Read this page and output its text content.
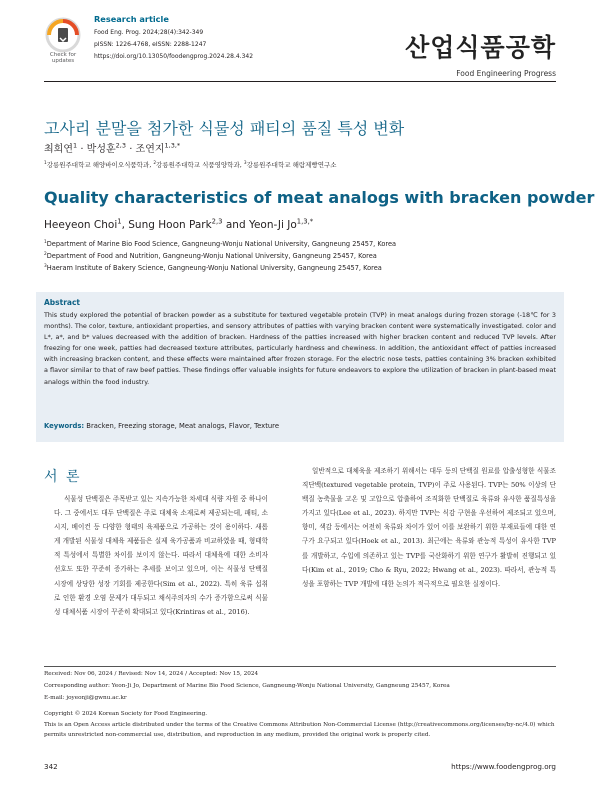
Check for updates
Research article
Food Eng. Prog. 2024;28(4):342-349
pISSN: 1226-4768, eISSN: 2288-1247
https://doi.org/10.13050/foodengprog.2024.28.4.342	산업식품공학
Food Engineering Progress
고사리 분말을 첨가한 식물성 패티의 품질 특성 변화
최희연$^1$ · 박성훈$^{2,3}$ · 조연지$^{1,3,*}$
$^1$강릉원주대학교 해양바이오식품학과, $^2$강릉원주대학교 식품영양학과, $^3$강릉원주대학교 해람제빵연구소
Quality characteristics of meat analogs with bracken powder
Heeyeon Choi$^1$, Sung Hoon Park$^{2,3}$ and Yeon-Ji $Jo^{1,3,*}$
$^1$Department of Marine Bio Food Science, Gangneung-Wonju National University, Gangneung 25457, Korea
$^2$Department of Food and Nutrition, Gangneung-Wonju National University, Gangneung 25457, Korea
$^3$Haeram Institute of Bakery Science, Gangneung-Wonju National University, Gangneung 25457, Korea
Abstract
This study explored the potential of bracken powder as a substitute for textured vegetable protein (TVP) in meat analogs during frozen storage (-18℃ for 3 months). The color, texture, antioxidant properties, and sensory attributes of patties with varying bracken content were systematically investigated. color and L*, a*, and b* values decreased with the addition of bracken. Hardness of the patties increased with higher bracken content and reduced TVP levels. After freezing for one week, patties had decreased texture attributes, particularly hardness and chewiness. In addition, the antioxidant effect of patties increased with increasing bracken content, and these effects were maintained after frozen storage. For the electric nose tests, patties containing 3% bracken exhibited a flavor similar to that of raw beef patties. These findings offer valuable insights for future endeavors to explore the utilization of bracken in plant-based meat analogs within the food industry.
Keywords: Bracken, Freezing storage, Meat analogs, Flavor, Texture
서 론
식물성 단백질은 주목받고 있는 지속가능한 차세대 식량 자원 중 하나이다. 그 중에서도 대두 단백질은 주로 대체육 소재로써 제공되는데, 패티, 소시지, 베이컨 등 다양한 형태의 육제품으로 가공하는 것이 용이하다. 새롭게 개발된 식물성 대체육 제품들은 실제 육가공품과 비교하였을 때, 형태학적 특성에서 특별한 차이를 보이지 않는다. 따라서 대체육에 대한 소비자 선호도 또한 꾸준히 증가하는 추세를 보이고 있으며, 이는 식물성 단백질 시장에 상당한 성장 기회를 제공한다(Sim et al., 2022). 특히 육류 섭취로 인한 환경 오염 문제가 대두되고 채식주의자의 수가 증가함으로써 식물성 대체식품 시장이 꾸준히 확대되고 있다(Krintiras et al., 2016).
일반적으로 대체육을 제조하기 위해서는 대두 등의 단백질 원료를 압출성형한 식물조직단백(textured vegetable protein, TVP)이 주로 사용된다. TVP는 50% 이상의 단백질 농축물을 고온 및 고압으로 압출하여 조직화한 단백질로 육류와 유사한 품질특성을 가지고 있다(Lee et al., 2023). 하지만 TVP는 식감 구현을 우선하여 제조되고 있으며, 향미, 색감 등에서는 여전히 육류와 차이가 있어 이를 보완하기 위한 부재료들에 대한 연구가 요구되고 있다(Hoek et al., 2013). 최근에는 육류와 관능적 특성이 유사한 TVP를 개발하고, 수입에 의존하고 있는 TVP를 국산화하기 위한 연구가 활발히 진행되고 있다(Kim et al., 2019; Cho & Ryu, 2022; Hwang et al., 2023). 따라서, 관능적 특성을 포함하는 TVP 개발에 대한 논의가 적극적으로 필요한 실정이다.
Received: Nov 06, 2024 / Revised: Nov 14, 2024 / Accepted: Nov 15, 2024
Corresponding author: Yeon-Ji Jo, Department of Marine Bio Food Science, Gangneung-Wonju National University, Gangneung 25457, Korea
E-mail: joyeonji@gwnu.ac.kr
Copyright © 2024 Korean Society for Food Engineering.
This is an Open Access article distributed under the terms of the Creative Commons Attribution Non-Commercial License (http://creativecommons.org/licenses/by-nc/4.0) which permits unrestricted non-commercial use, distribution, and reproduction in any medium, provided the original work is properly cited.
342	https://www.foodengprog.org
